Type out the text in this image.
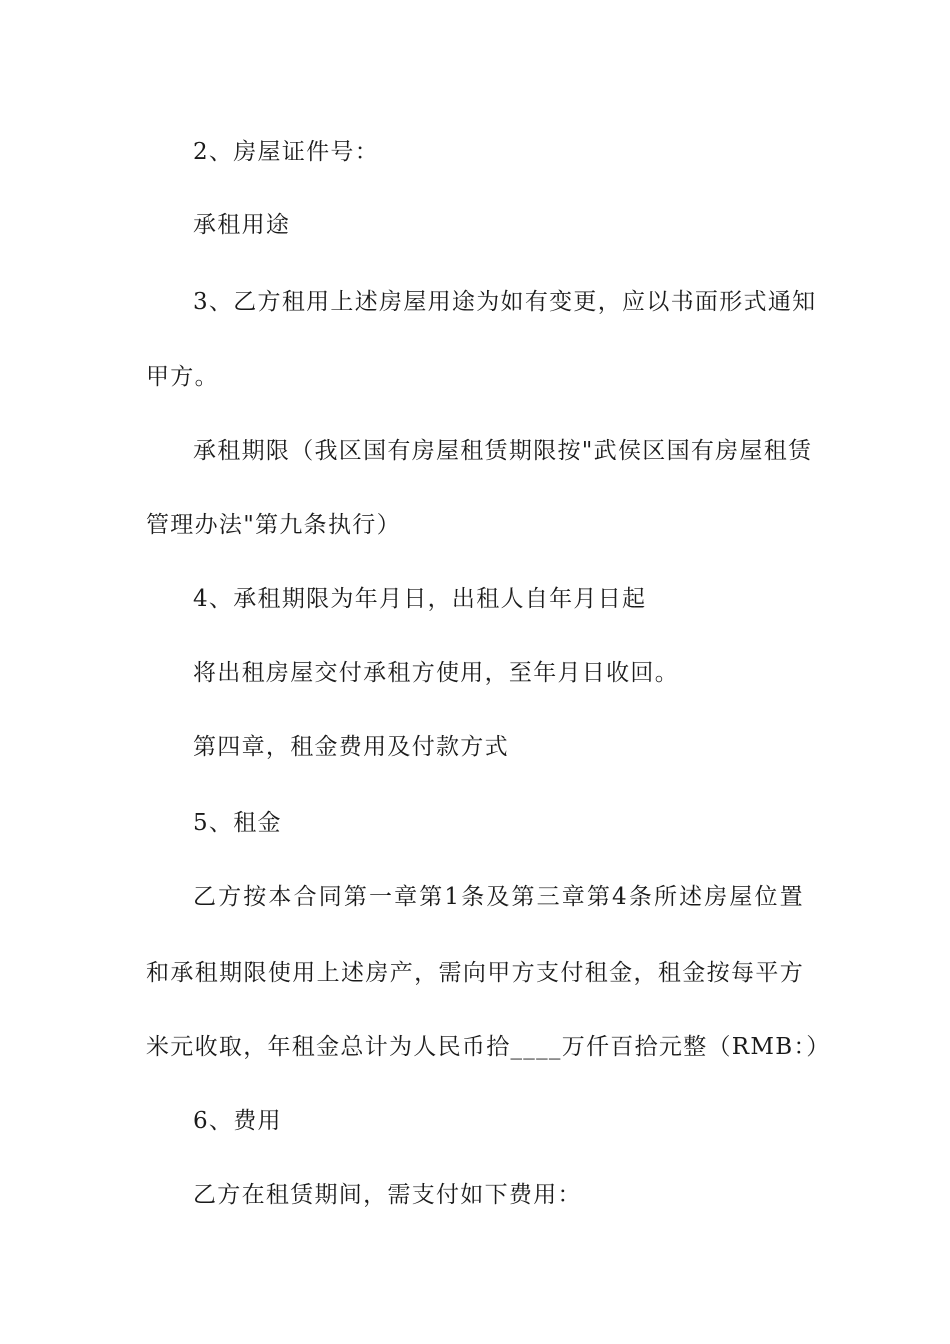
2、房屋证件号：
承租用途
3、乙方租用上述房屋用途为如有变更，应以书面形式通知
甲方。
承租期限（我区国有房屋租赁期限按"武侯区国有房屋租赁
管理办法"第九条执行）
4、承租期限为年月日，出租人自年月日起
将出租房屋交付承租方使用，至年月日收回。
第四章，租金费用及付款方式
5、租金
乙方按本合同第一章第1条及第三章第4条所述房屋位置
和承租期限使用上述房产，需向甲方支付租金，租金按每平方
米元收取，年租金总计为人民币拾____万仟百拾元整（RMB：）
6、费用
乙方在租赁期间，需支付如下费用：
